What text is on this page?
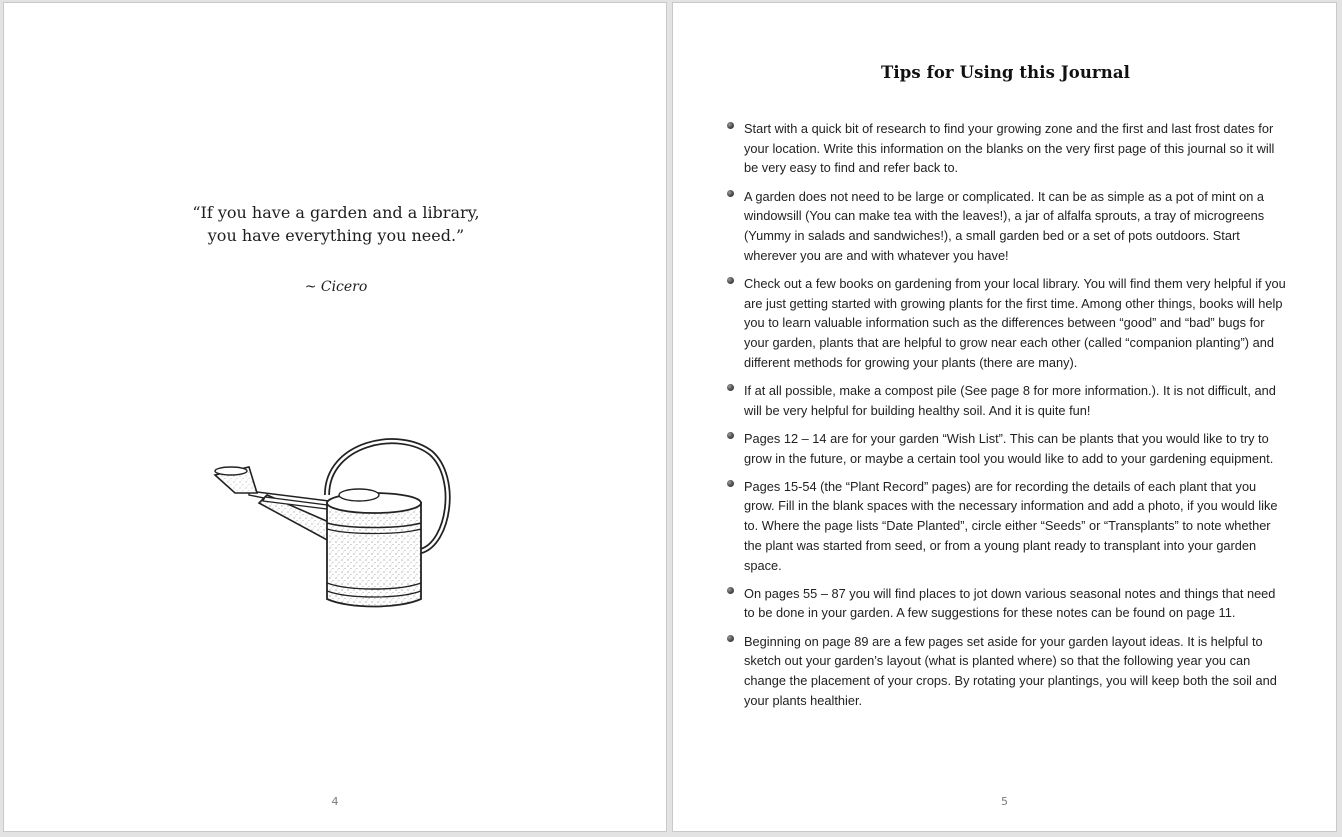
“If you have a garden and a library,
you have everything you need.”
~ Cicero
4
Tips for Using this Journal
Start with a quick bit of research to find your growing zone and the first and last frost dates for your location. Write this information on the blanks on the very first page of this journal so it will be very easy to find and refer back to.
A garden does not need to be large or complicated. It can be as simple as a pot of mint on a windowsill (You can make tea with the leaves!), a jar of alfalfa sprouts, a tray of microgreens (Yummy in salads and sandwiches!), a small garden bed or a set of pots outdoors. Start wherever you are and with whatever you have!
Check out a few books on gardening from your local library. You will find them very helpful if you are just getting started with growing plants for the first time. Among other things, books will help you to learn valuable information such as the differences between “good” and “bad” bugs for your garden, plants that are helpful to grow near each other (called “companion planting”) and different methods for growing your plants (there are many).
If at all possible, make a compost pile (See page 8 for more information.). It is not difficult, and will be very helpful for building healthy soil. And it is quite fun!
Pages 12 – 14 are for your garden “Wish List”. This can be plants that you would like to try to grow in the future, or maybe a certain tool you would like to add to your gardening equipment.
Pages 15-54 (the “Plant Record” pages) are for recording the details of each plant that you grow. Fill in the blank spaces with the necessary information and add a photo, if you would like to. Where the page lists “Date Planted”, circle either “Seeds” or “Transplants” to note whether the plant was started from seed, or from a young plant ready to transplant into your garden space.
On pages 55 – 87 you will find places to jot down various seasonal notes and things that need to be done in your garden. A few suggestions for these notes can be found on page 11.
Beginning on page 89 are a few pages set aside for your garden layout ideas. It is helpful to sketch out your garden’s layout (what is planted where) so that the following year you can change the placement of your crops. By rotating your plantings, you will keep both the soil and your plants healthier.
5
